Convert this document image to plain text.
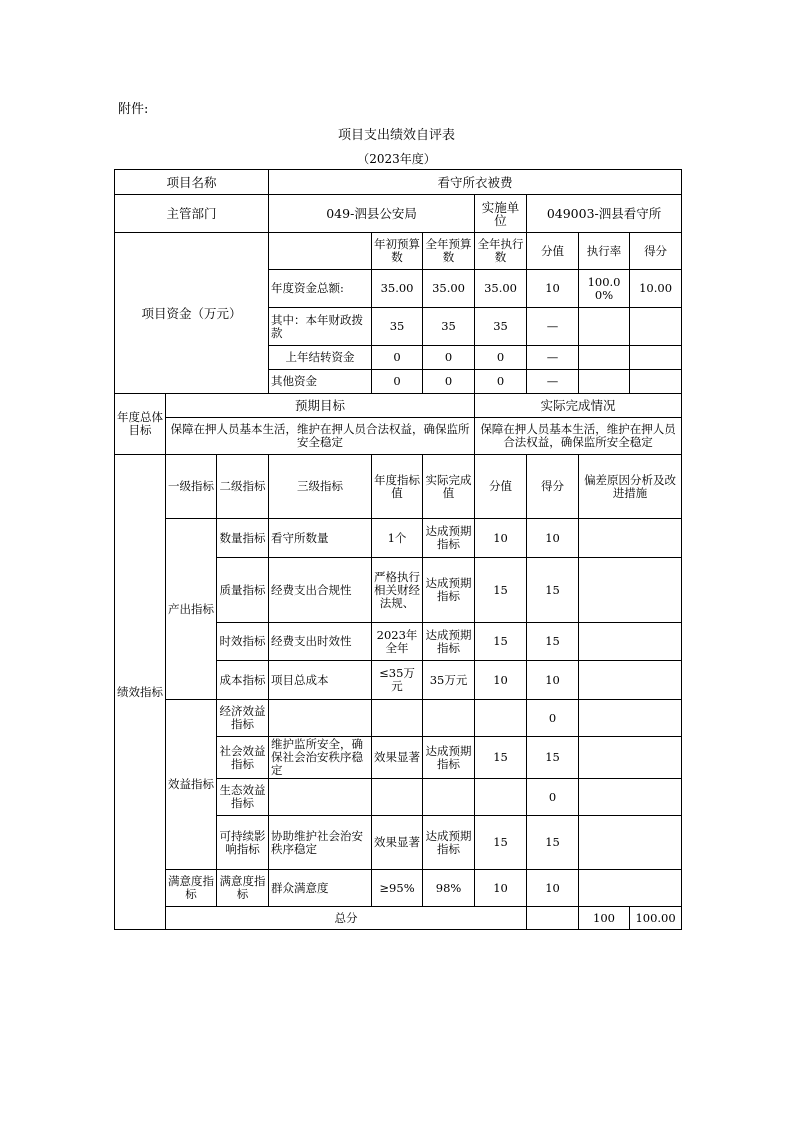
附件:
项目支出绩效自评表
（2023年度）
项目名称			看守所衣被费							
主管部门			049-泗县公安局			实施单位	049003-泗县看守所			
项目资金（万元）				年初预算数	全年预算数	全年执行数	分值	执行率	得分	
			年度资金总额:	35.00	35.00	35.00	10	100.00%	10.00	
			其中：本年财政拨款	35	35	35	—			
			上年结转资金	0	0	0	—			
			其他资金	0	0	0	—			
年度总体目标	预期目标					实际完成情况				
	保障在押人员基本生活，维护在押人员合法权益，确保监所安全稳定					保障在押人员基本生活，维护在押人员合法权益，确保监所安全稳定				
绩效指标	一级指标	二级指标	三级指标	年度指标值	实际完成值	分值	得分	偏差原因分析及改进措施		
	产出指标	数量指标	看守所数量	1个	达成预期指标	10	10			
		质量指标	经费支出合规性	严格执行相关财经法规、	达成预期指标	15	15			
		时效指标	经费支出时效性	2023年全年	达成预期指标	15	15			
		成本指标	项目总成本	≤35万元	35万元	10	10			
	效益指标	经济效益指标					0			
		社会效益指标	维护监所安全，确保社会治安秩序稳定	效果显著	达成预期指标	15	15			
		生态效益指标					0			
		可持续影响指标	协助维护社会治安秩序稳定	效果显著	达成预期指标	15	15			
	满意度指标	满意度指标	群众满意度	≥95%	98%	10	10			
	总分							100	100.00	
